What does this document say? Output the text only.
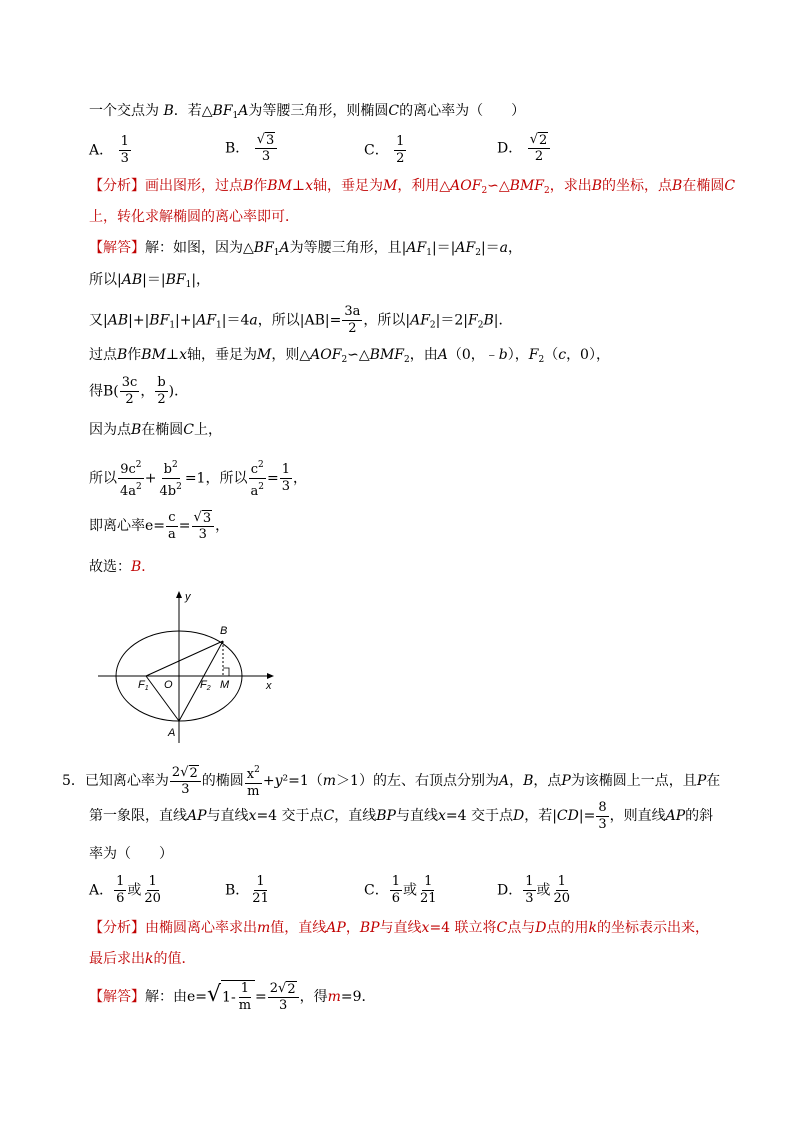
一个交点为 B．若$\triangle BF_1A$为等腰三角形，则椭圆C的离心率为（　　）
A． $\frac{1}{3}$	B． $\frac{√ 3}{3}$	C． $\frac{1}{2}$	D． $\frac{√ 2}{2}$
【分析】画出图形，过点B作BM⊥x轴，垂足为M，利用$\triangle AOF_2∽\triangle BMF_2$，求出B的坐标，点B在椭圆C
上，转化求解椭圆的离心率即可．
【解答】解：如图，因为$\triangle BF_1A$为等腰三角形，且$|AF_1|=|AF_2|=a$，
所以$|AB|=|BF_1|$，
又$|AB|+|BF_1|+|AF_1|=4a$，所以$|AB|= \frac{3a}{2}$ ，所以$|AF_2|=2|F_2B|$．
过点B作BM⊥x轴，垂足为M，则$\triangle AOF_2∽\triangle BMF_2$，由A（0，﹣b），$F_2(c$，0），
得$B( \frac{3c}{2}$ ， $\frac{b}{2}$ )．
因为点B在椭圆C上，
所以 $\frac{9c^2}{4a^2} + \frac{b^2}{4b^2} =1$，所以 $\frac{c^2}{a^2} = \frac{1}{3}$ ，
即离心率$e= \frac{c}{a} = \frac{√ 3}{3}$ ，
故选：B．
y
x
B
F1 O F2 M
A
5．已知离心率为 $\frac{2 √ 2}{3}$ 的椭圆 $\frac{x^2}{m} +y^2=1(m>1)$的左、右顶点分别为A，B，点P为该椭圆上一点，且P在
第一象限，直线AP与直线x=4 交于点C，直线BP与直线x=4 交于点D，若$|CD|= \frac{8}{3}$ ，则直线AP的斜
率为（　　）
A． $\frac{1}{6}$ 或 $\frac{1}{20}$	B． $\frac{1}{21}$	C． $\frac{1}{6}$ 或 $\frac{1}{21}$	D． $\frac{1}{3}$ 或 $\frac{1}{20}$
【分析】由椭圆离心率求出m值，直线AP，BP与直线x=4 联立将C点与D点的用k的坐标表示出来，
最后求出k的值．
【解答】解：由e= √ $1- \frac{1}{m} = \frac{2 √ 2}{3}$ ，得m=9．
